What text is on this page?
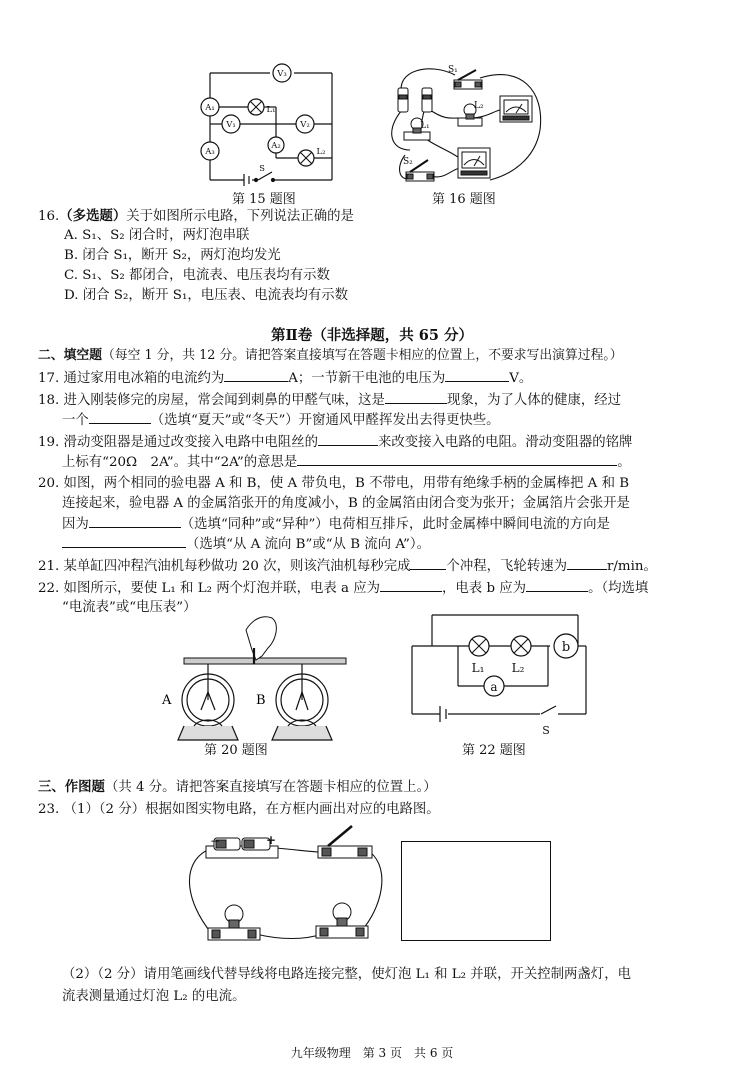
V₃
A₁
V₁	V₂
A₂
A₃
L₁
L₂
S
第 15 题图
S₁
L₂
L₁
S₂
第 16 题图
16.（多选题）关于如图所示电路，下列说法正确的是
A. S₁、S₂ 闭合时，两灯泡串联
B. 闭合 S₁，断开 S₂，两灯泡均发光
C. S₁、S₂ 都闭合，电流表、电压表均有示数
D. 闭合 S₂，断开 S₁，电压表、电流表均有示数
第Ⅱ卷（非选择题，共 65 分）
二、填空题（每空 1 分，共 12 分。请把答案直接填写在答题卡相应的位置上，不要求写出演算过程。）
17. 通过家用电冰箱的电流约为	A；一节新干电池的电压为	V。
18. 进入刚装修完的房屋，常会闻到刺鼻的甲醛气味，这是	现象，为了人体的健康，经过
一个	（选填“夏天”或“冬天”）开窗通风甲醛挥发出去得更快些。
19. 滑动变阻器是通过改变接入电路中电阻丝的	来改变接入电路的电阻。滑动变阻器的铭牌
上标有“20Ω　2A”。其中“2A”的意思是	。
20. 如图，两个相同的验电器 A 和 B，使 A 带负电，B 不带电，用带有绝缘手柄的金属棒把 A 和 B
连接起来，验电器 A 的金属箔张开的角度减小，B 的金属箔由闭合变为张开；金属箔片会张开是
因为	（选填“同种”或“异种”）电荷相互排斥，此时金属棒中瞬间电流的方向是
（选填“从 A 流向 B”或“从 B 流向 A”）。
21. 某单缸四冲程汽油机每秒做功 20 次，则该汽油机每秒完成	个冲程，飞轮转速为	r/min。
22. 如图所示，要使 L₁ 和 L₂ 两个灯泡并联，电表 a 应为	，电表 b 应为	。（均选填
“电流表”或“电压表”）
A	B
第 20 题图
b
a
L₁ L₂
S
第 22 题图
三、作图题（共 4 分。请把答案直接填写在答题卡相应的位置上。）
23. （1）（2 分）根据如图实物电路，在方框内画出对应的电路图。
−	+
（2）（2 分）请用笔画线代替导线将电路连接完整，使灯泡 L₁ 和 L₂ 并联，开关控制两盏灯，电
流表测量通过灯泡 L₂ 的电流。
九年级物理　第 3 页　共 6 页
